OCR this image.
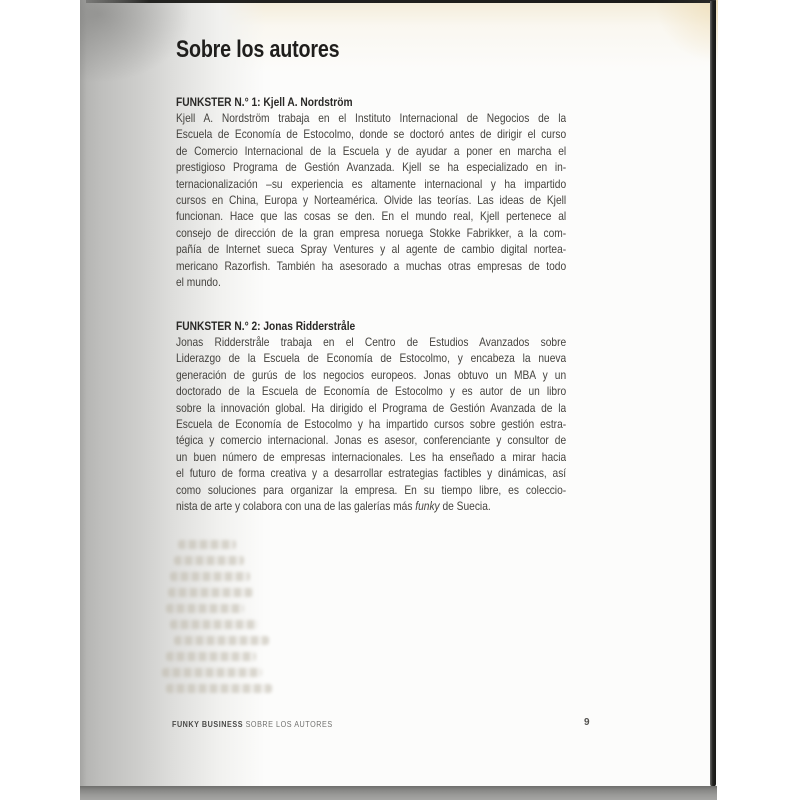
Sobre los autores
FUNKSTER N.° 1: Kjell A. Nordström
Kjell A. Nordström trabaja en el Instituto Internacional de Negocios de la
Escuela de Economía de Estocolmo, donde se doctoró antes de dirigir el curso
de Comercio Internacional de la Escuela y de ayudar a poner en marcha el
prestigioso Programa de Gestión Avanzada. Kjell se ha especializado en in-
ternacionalización –su experiencia es altamente internacional y ha impartido
cursos en China, Europa y Norteamérica. Olvide las teorías. Las ideas de Kjell
funcionan. Hace que las cosas se den. En el mundo real, Kjell pertenece al
consejo de dirección de la gran empresa noruega Stokke Fabrikker, a la com-
pañía de Internet sueca Spray Ventures y al agente de cambio digital nortea-
mericano Razorfish. También ha asesorado a muchas otras empresas de todo
el mundo.
FUNKSTER N.° 2: Jonas Ridderstråle
Jonas Ridderstråle trabaja en el Centro de Estudios Avanzados sobre
Liderazgo de la Escuela de Economía de Estocolmo, y encabeza la nueva
generación de gurús de los negocios europeos. Jonas obtuvo un MBA y un
doctorado de la Escuela de Economía de Estocolmo y es autor de un libro
sobre la innovación global. Ha dirigido el Programa de Gestión Avanzada de la
Escuela de Economía de Estocolmo y ha impartido cursos sobre gestión estra-
tégica y comercio internacional. Jonas es asesor, conferenciante y consultor de
un buen número de empresas internacionales. Les ha enseñado a mirar hacia
el futuro de forma creativa y a desarrollar estrategias factibles y dinámicas, así
como soluciones para organizar la empresa. En su tiempo libre, es coleccio-
nista de arte y colabora con una de las galerías más funky de Suecia.
FUNKY BUSINESS SOBRE LOS AUTORES	9
